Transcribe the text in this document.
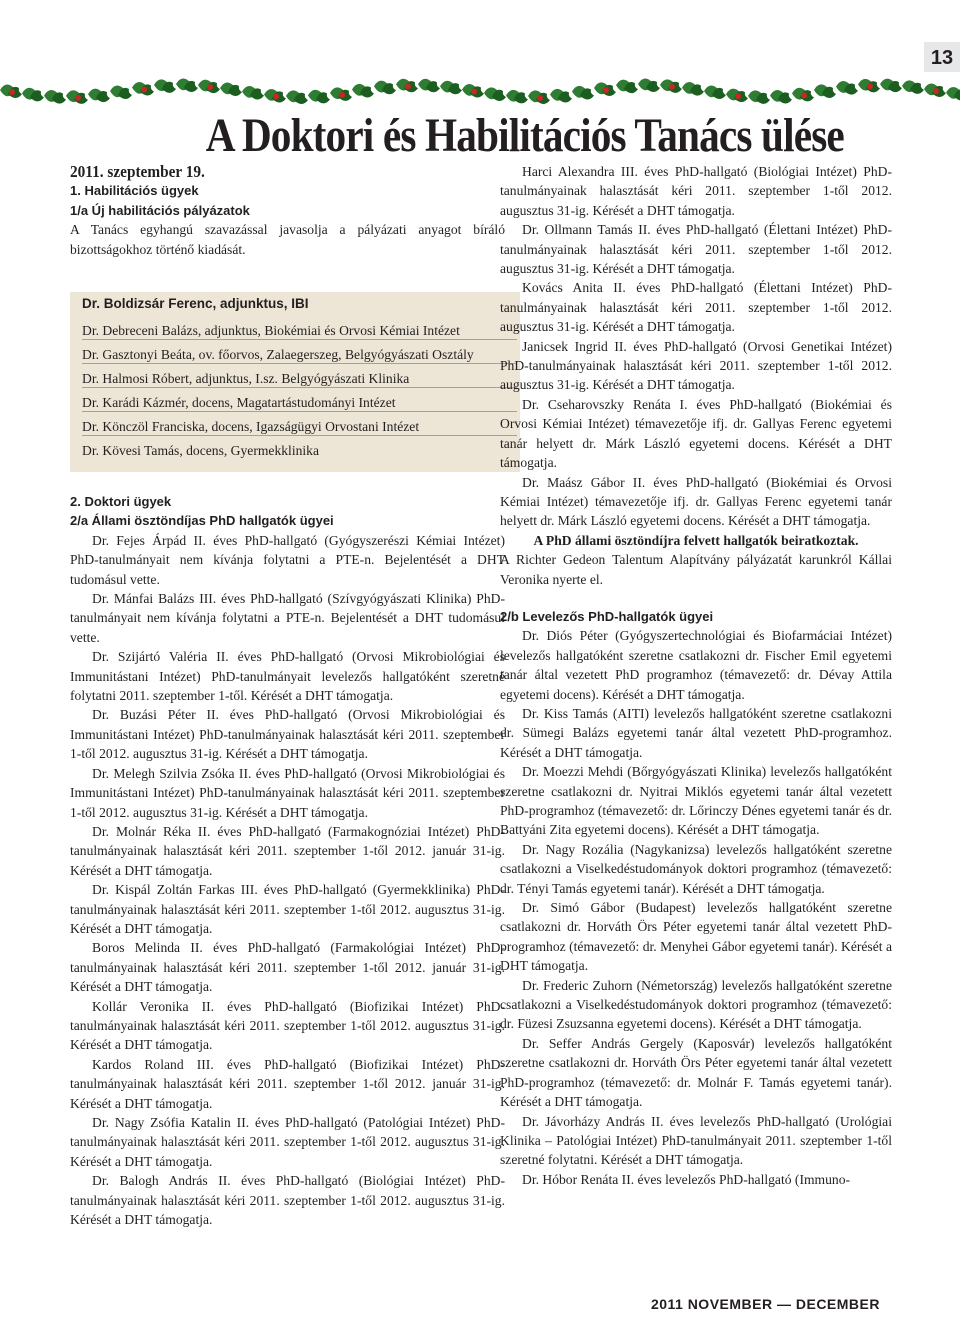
13
A Doktori és Habilitációs Tanács ülése

2011. szeptember 19.

1. Habilitációs ügyek

1/a Új habilitációs pályázatok

A Tanács egyhangú szavazással javasolja a pályázati anyagot bíráló bizottságokhoz történő kiadását.

Dr. Boldizsár Ferenc, adjunktus, IBI
Dr. Debreceni Balázs, adjunktus, Biokémiai és Orvosi Kémiai Intézet
Dr. Gasztonyi Beáta, ov. főorvos, Zalaegerszeg, Belgyógyászati Osztály
Dr. Halmosi Róbert, adjunktus, I.sz. Belgyógyászati Klinika
Dr. Karádi Kázmér, docens, Magatartástudományi Intézet
Dr. Könczöl Franciska, docens, Igazságügyi Orvostani Intézet
Dr. Kövesi Tamás, docens, Gyermekklinika

2. Doktori ügyek

2/a Állami ösztöndíjas PhD hallgatók ügyei

Dr. Fejes Árpád II. éves PhD-hallgató (Gyógyszerészi Kémiai Intézet) PhD-tanulmányait nem kívánja folytatni a PTE-n. Bejelentését a DHT tudomásul vette.

Dr. Mánfai Balázs III. éves PhD-hallgató (Szívgyógyászati Klinika) PhD-tanulmányait nem kívánja folytatni a PTE-n. Bejelentését a DHT tudomásul vette.

Dr. Szijártó Valéria II. éves PhD-hallgató (Orvosi Mikrobiológiai és Immunitástani Intézet) PhD-tanulmányait levelezős hallgatóként szeretné folytatni 2011. szeptember 1-től. Kérését a DHT támogatja.

Dr. Buzási Péter II. éves PhD-hallgató (Orvosi Mikrobiológiai és Immunitástani Intézet) PhD-tanulmányainak halasztását kéri 2011. szeptember 1-től 2012. augusztus 31-ig. Kérését a DHT támogatja.

Dr. Melegh Szilvia Zsóka II. éves PhD-hallgató (Orvosi Mikrobiológiai és Immunitástani Intézet) PhD-tanulmányainak halasztását kéri 2011. szeptember 1-től 2012. augusztus 31-ig. Kérését a DHT támogatja.

Dr. Molnár Réka II. éves PhD-hallgató (Farmakognóziai Intézet) PhD-tanulmányainak halasztását kéri 2011. szeptember 1-től 2012. január 31-ig. Kérését a DHT támogatja.

Dr. Kispál Zoltán Farkas III. éves PhD-hallgató (Gyermekklinika) PhD-tanulmányainak halasztását kéri 2011. szeptember 1-től 2012. augusztus 31-ig. Kérését a DHT támogatja.

Boros Melinda II. éves PhD-hallgató (Farmakológiai Intézet) PhD-tanulmányainak halasztását kéri 2011. szeptember 1-től 2012. január 31-ig. Kérését a DHT támogatja.

Kollár Veronika II. éves PhD-hallgató (Biofizikai Intézet) PhD-tanulmányainak halasztását kéri 2011. szeptember 1-től 2012. augusztus 31-ig. Kérését a DHT támogatja.

Kardos Roland III. éves PhD-hallgató (Biofizikai Intézet) PhD- tanulmányainak halasztását kéri 2011. szeptember 1-től 2012. január 31-ig. Kérését a DHT támogatja.

Dr. Nagy Zsófia Katalin II. éves PhD-hallgató (Patológiai Intézet) PhD-tanulmányainak halasztását kéri 2011. szeptember 1-től 2012. augusztus 31-ig. Kérését a DHT támogatja.

Dr. Balogh András II. éves PhD-hallgató (Biológiai Intézet) PhD-tanulmányainak halasztását kéri 2011. szeptember 1-től 2012. augusztus 31-ig. Kérését a DHT támogatja.

Harci Alexandra III. éves PhD-hallgató (Biológiai Intézet) PhD-tanulmányainak halasztását kéri 2011. szeptember 1-től 2012. augusztus 31-ig. Kérését a DHT támogatja.

Dr. Ollmann Tamás II. éves PhD-hallgató (Élettani Intézet) PhD-tanulmányainak halasztását kéri 2011. szeptember 1-től 2012. augusztus 31-ig. Kérését a DHT támogatja.

Kovács Anita II. éves PhD-hallgató (Élettani Intézet) PhD-tanulmányainak halasztását kéri 2011. szeptember 1-től 2012. augusztus 31-ig. Kérését a DHT támogatja.

Janicsek Ingrid II. éves PhD-hallgató (Orvosi Genetikai Intézet) PhD-tanulmányainak halasztását kéri 2011. szeptember 1-től 2012. augusztus 31-ig. Kérését a DHT támogatja.

Dr. Cseharovszky Renáta I. éves PhD-hallgató (Biokémiai és Orvosi Kémiai Intézet) témavezetője ifj. dr. Gallyas Ferenc egyetemi tanár helyett dr. Márk László egyetemi docens. Kérését a DHT támogatja.

Dr. Maász Gábor II. éves PhD-hallgató (Biokémiai és Orvosi Kémiai Intézet) témavezetője ifj. dr. Gallyas Ferenc egyetemi tanár helyett dr. Márk László egyetemi docens. Kérését a DHT támogatja.

A PhD állami ösztöndíjra felvett hallgatók beiratkoztak.

A Richter Gedeon Talentum Alapítvány pályázatát karunkról Kállai Veronika nyerte el.

2/b Levelezős PhD-hallgatók ügyei

Dr. Diós Péter (Gyógyszertechnológiai és Biofarmáciai Intézet) levelezős hallgatóként szeretne csatlakozni dr. Fischer Emil egyetemi tanár által vezetett PhD programhoz (témavezető: dr. Dévay Attila egyetemi docens). Kérését a DHT támogatja.

Dr. Kiss Tamás (AITI) levelezős hallgatóként szeretne csatlakozni dr. Sümegi Balázs egyetemi tanár által vezetett PhD-programhoz. Kérését a DHT támogatja.

Dr. Moezzi Mehdi (Bőrgyógyászati Klinika) levelezős hallgatóként szeretne csatlakozni dr. Nyitrai Miklós egyetemi tanár által vezetett PhD-programhoz (témavezető: dr. Lőrinczy Dénes egyetemi tanár és dr. Battyáni Zita egyetemi docens). Kérését a DHT támogatja.

Dr. Nagy Rozália (Nagykanizsa) levelezős hallgatóként szeretne csatlakozni a Viselkedéstudományok doktori programhoz (témavezető: dr. Tényi Tamás egyetemi tanár). Kérését a DHT támogatja.

Dr. Simó Gábor (Budapest) levelezős hallgatóként szeretne csatlakozni dr. Horváth Örs Péter egyetemi tanár által vezetett PhD-programhoz (témavezető: dr. Menyhei Gábor egyetemi tanár). Kérését a DHT támogatja.

Dr. Frederic Zuhorn (Németország) levelezős hallgatóként szeretne csatlakozni a Viselkedéstudományok doktori programhoz (témavezető: dr. Füzesi Zsuzsanna egyetemi docens). Kérését a DHT támogatja.

Dr. Seffer András Gergely (Kaposvár) levelezős hallgatóként szeretne csatlakozni dr. Horváth Örs Péter egyetemi tanár által vezetett PhD-programhoz (témavezető: dr. Molnár F. Tamás egyetemi tanár). Kérését a DHT támogatja.

Dr. Jávorházy András II. éves levelezős PhD-hallgató (Urológiai Klinika – Patológiai Intézet) PhD-tanulmányait 2011. szeptember 1-től szeretné folytatni. Kérését a DHT támogatja.

Dr. Hóbor Renáta II. éves levelezős PhD-hallgató (Immuno-

2011 NOVEMBER — DECEMBER
